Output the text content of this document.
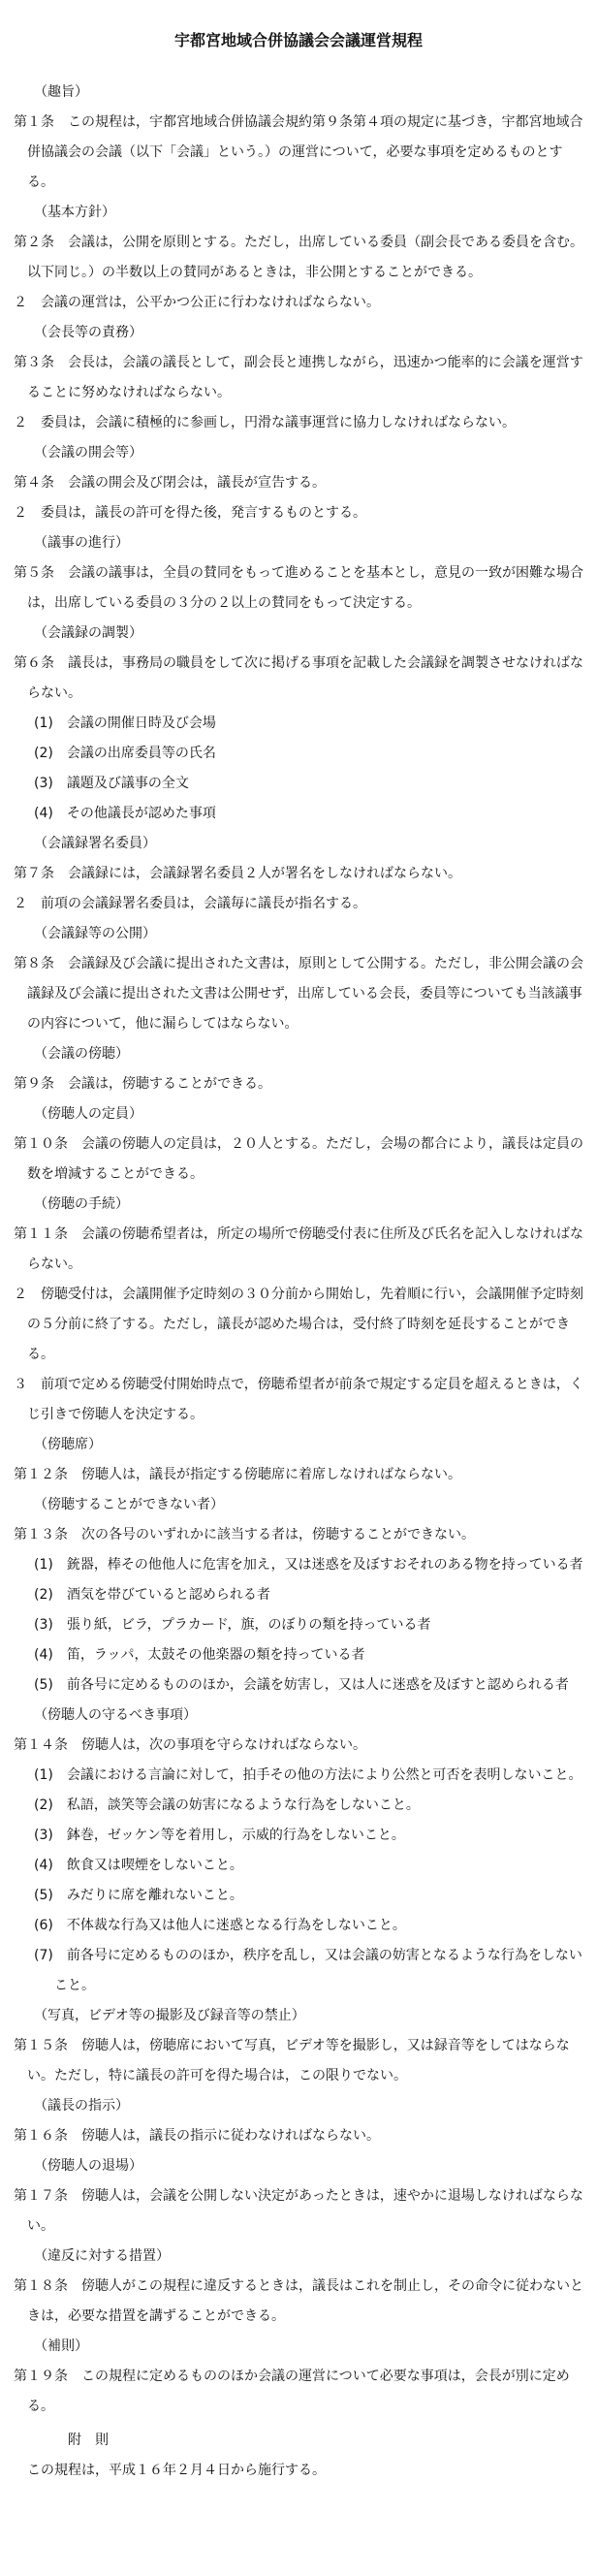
宇都宮地域合併協議会会議運営規程
（趣旨）
第１条　この規程は，宇都宮地域合併協議会規約第９条第４項の規定に基づき，宇都宮地域合併協議会の会議（以下「会議」という。）の運営について，必要な事項を定めるものとする。
（基本方針）
第２条　会議は，公開を原則とする。ただし，出席している委員（副会長である委員を含む。以下同じ。）の半数以上の賛同があるときは，非公開とすることができる。
２　会議の運営は，公平かつ公正に行わなければならない。
（会長等の責務）
第３条　会長は，会議の議長として，副会長と連携しながら，迅速かつ能率的に会議を運営することに努めなければならない。
２　委員は，会議に積極的に参画し，円滑な議事運営に協力しなければならない。
（会議の開会等）
第４条　会議の開会及び閉会は，議長が宣告する。
２　委員は，議長の許可を得た後，発言するものとする。
（議事の進行）
第５条　会議の議事は，全員の賛同をもって進めることを基本とし，意見の一致が困難な場合は，出席している委員の３分の２以上の賛同をもって決定する。
（会議録の調製）
第６条　議長は，事務局の職員をして次に掲げる事項を記載した会議録を調製させなければならない。
(1)　会議の開催日時及び会場
(2)　会議の出席委員等の氏名
(3)　議題及び議事の全文
(4)　その他議長が認めた事項
（会議録署名委員）
第７条　会議録には，会議録署名委員２人が署名をしなければならない。
２　前項の会議録署名委員は，会議毎に議長が指名する。
（会議録等の公開）
第８条　会議録及び会議に提出された文書は，原則として公開する。ただし，非公開会議の会議録及び会議に提出された文書は公開せず，出席している会長，委員等についても当該議事の内容について，他に漏らしてはならない。
（会議の傍聴）
第９条　会議は，傍聴することができる。
（傍聴人の定員）
第１０条　会議の傍聴人の定員は，２０人とする。ただし，会場の都合により，議長は定員の数を増減することができる。
（傍聴の手続）
第１１条　会議の傍聴希望者は，所定の場所で傍聴受付表に住所及び氏名を記入しなければならない。
２　傍聴受付は，会議開催予定時刻の３０分前から開始し，先着順に行い，会議開催予定時刻の５分前に終了する。ただし，議長が認めた場合は，受付終了時刻を延長することができる。
３　前項で定める傍聴受付開始時点で，傍聴希望者が前条で規定する定員を超えるときは，くじ引きで傍聴人を決定する。
（傍聴席）
第１２条　傍聴人は，議長が指定する傍聴席に着席しなければならない。
（傍聴することができない者）
第１３条　次の各号のいずれかに該当する者は，傍聴することができない。
(1)　銃器，棒その他他人に危害を加え，又は迷惑を及ぼすおそれのある物を持っている者
(2)　酒気を帯びていると認められる者
(3)　張り紙，ビラ，プラカード，旗，のぼりの類を持っている者
(4)　笛，ラッパ，太鼓その他楽器の類を持っている者
(5)　前各号に定めるもののほか，会議を妨害し，又は人に迷惑を及ぼすと認められる者
（傍聴人の守るべき事項）
第１４条　傍聴人は，次の事項を守らなければならない。
(1)　会議における言論に対して，拍手その他の方法により公然と可否を表明しないこと。
(2)　私語，談笑等会議の妨害になるような行為をしないこと。
(3)　鉢巻，ゼッケン等を着用し，示威的行為をしないこと。
(4)　飲食又は喫煙をしないこと。
(5)　みだりに席を離れないこと。
(6)　不体裁な行為又は他人に迷惑となる行為をしないこと。
(7)　前各号に定めるもののほか，秩序を乱し，又は会議の妨害となるような行為をしないこと。
（写真，ビデオ等の撮影及び録音等の禁止）
第１５条　傍聴人は，傍聴席において写真，ビデオ等を撮影し，又は録音等をしてはならない。ただし，特に議長の許可を得た場合は，この限りでない。
（議長の指示）
第１６条　傍聴人は，議長の指示に従わなければならない。
（傍聴人の退場）
第１７条　傍聴人は，会議を公開しない決定があったときは，速やかに退場しなければならない。
（違反に対する措置）
第１８条　傍聴人がこの規程に違反するときは，議長はこれを制止し，その命令に従わないときは，必要な措置を講ずることができる。
（補則）
第１９条　この規程に定めるもののほか会議の運営について必要な事項は，会長が別に定める。
附　則
この規程は，平成１６年２月４日から施行する。
